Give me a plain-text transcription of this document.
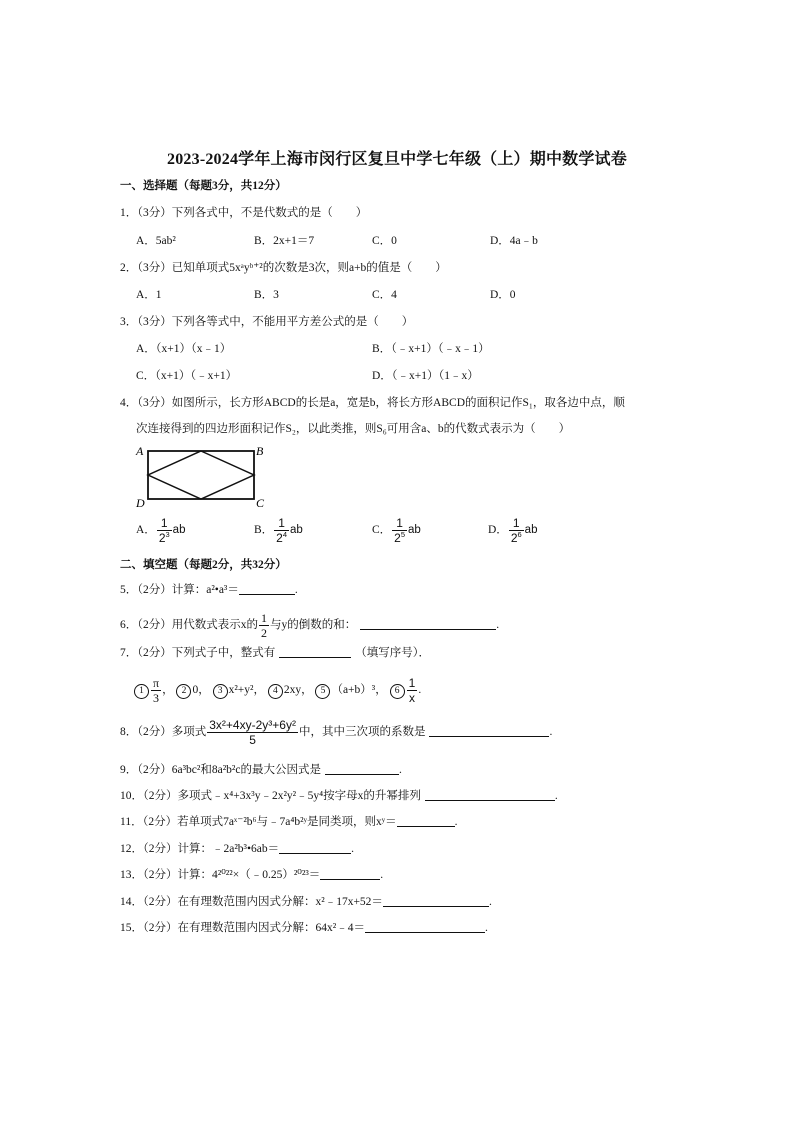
2023-2024学年上海市闵行区复旦中学七年级（上）期中数学试卷
一、选择题（每题3分，共12分）
1．（3分）下列各式中，不是代数式的是（　　）
A．5ab²	B．2x+1＝7	C．0	D．4a﹣b
2．（3分）已知单项式5xᵃyᵇ⁺²的次数是3次，则a+b的值是（　　）
A．1	B．3	C．4	D．0
3．（3分）下列各等式中，不能用平方差公式的是（　　）
A．（x+1）（x﹣1）	B．（﹣x+1）（﹣x﹣1）
C．（x+1）（﹣x+1）	D．（﹣x+1）（1﹣x）
4．（3分）如图所示，长方形ABCD的长是a，宽是b，将长方形ABCD的面积记作S₁，取各边中点，顺
次连接得到的四边形面积记作S₂，以此类推，则S₆可用含a、b的代数式表示为（　　）
A	B
C
D
A． $\frac{1}{2^3}$ ab	B． $\frac{1}{2^4}$ ab	C． $\frac{1}{2^5}$ ab	D． $\frac{1}{2^6}$ ab
二、填空题（每题2分，共32分）
5．（2分）计算：a²•a³＝	.
6．（2分）用代数式表示x的 $\frac{1}{2}$ 与y的倒数的和：	.
7．（2分）下列式子中，整式有	（填写序号）．
$1 \frac{\pi}{3}$ ， 2 0， 3 x²+y²， 4 2xy， 5 （a+b）³， $6 \frac{1}{x}$ .
8．（2分）多项式 $\frac{\text{3x²+4xy-2y³+6y²}}{5}$ 中，其中三次项的系数是	.
9．（2分）6a³bc²和8a²b²c的最大公因式是	.
10．（2分）多项式﹣x⁴+3x³y﹣2x²y²﹣5y⁴按字母x的升幂排列	.
11．（2分）若单项式7aˣ⁻²b⁶与﹣7a⁴b²ʸ是同类项，则xʸ＝	.
12．（2分）计算：﹣2a²b³•6ab＝	.
13．（2分）计算：4²⁰²²×（﹣0.25）²⁰²³＝	.
14．（2分）在有理数范围内因式分解：x²﹣17x+52＝	.
15．（2分）在有理数范围内因式分解：64x²﹣4＝	.
